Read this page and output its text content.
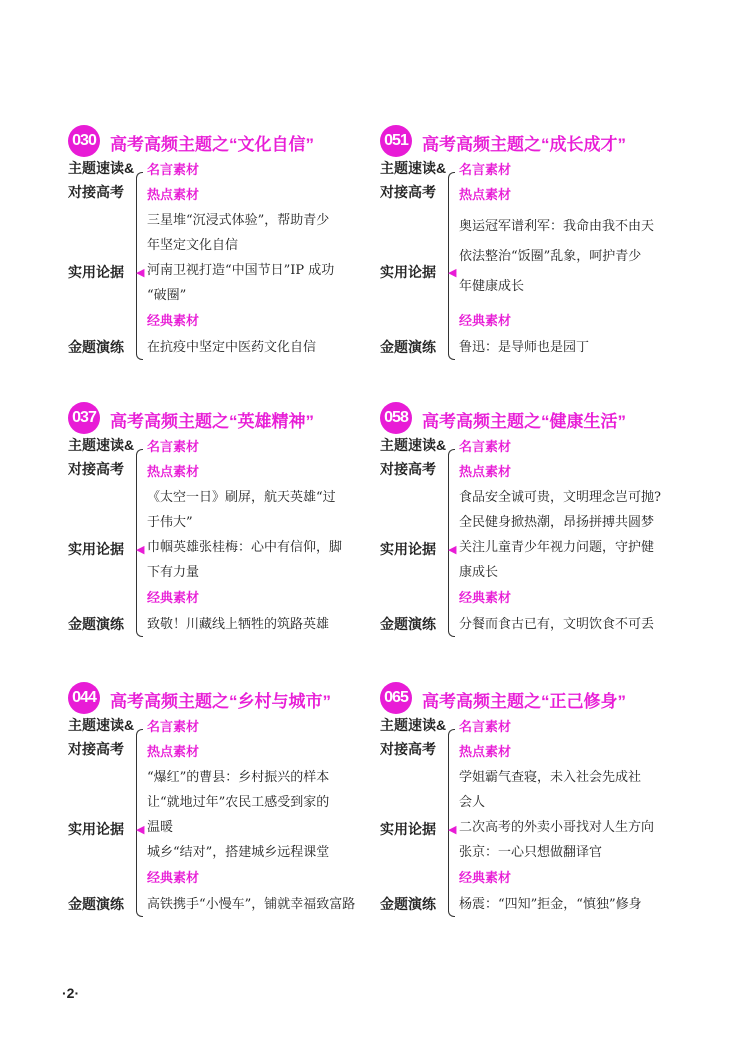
030 高考高频主题之“文化自信”
主题速读&
对接高考
实用论据
金题演练
◀
名言素材
热点素材
三星堆“沉浸式体验”，帮助青少
年坚定文化自信
河南卫视打造“中国节日”IP 成功
“破圈”
经典素材
在抗疫中坚定中医药文化自信
051 高考高频主题之“成长成才”
主题速读&
对接高考
实用论据
金题演练
◀
名言素材
热点素材
奥运冠军谱利军：我命由我不由天
依法整治“饭圈”乱象，呵护青少
年健康成长
经典素材
鲁迅：是导师也是园丁
037 高考高频主题之“英雄精神”
主题速读&
对接高考
实用论据
金题演练
◀
名言素材
热点素材
《太空一日》刷屏，航天英雄“过
于伟大”
巾帼英雄张桂梅：心中有信仰，脚
下有力量
经典素材
致敬！川藏线上牺牲的筑路英雄
058 高考高频主题之“健康生活”
主题速读&
对接高考
实用论据
金题演练
◀
名言素材
热点素材
食品安全诚可贵，文明理念岂可抛?
全民健身掀热潮，昂扬拼搏共圆梦
关注儿童青少年视力问题，守护健
康成长
经典素材
分餐而食古已有，文明饮食不可丢
044 高考高频主题之“乡村与城市”
主题速读&
对接高考
实用论据
金题演练
◀
名言素材
热点素材
“爆红”的曹县：乡村振兴的样本
让“就地过年”农民工感受到家的
温暖
城乡“结对”，搭建城乡远程课堂
经典素材
高铁携手“小慢车”，铺就幸福致富路
065 高考高频主题之“正己修身”
主题速读&
对接高考
实用论据
金题演练
◀
名言素材
热点素材
学姐霸气查寝，未入社会先成社
会人
二次高考的外卖小哥找对人生方向
张京：一心只想做翻译官
经典素材
杨震：“四知”拒金，“慎独”修身
·2·
